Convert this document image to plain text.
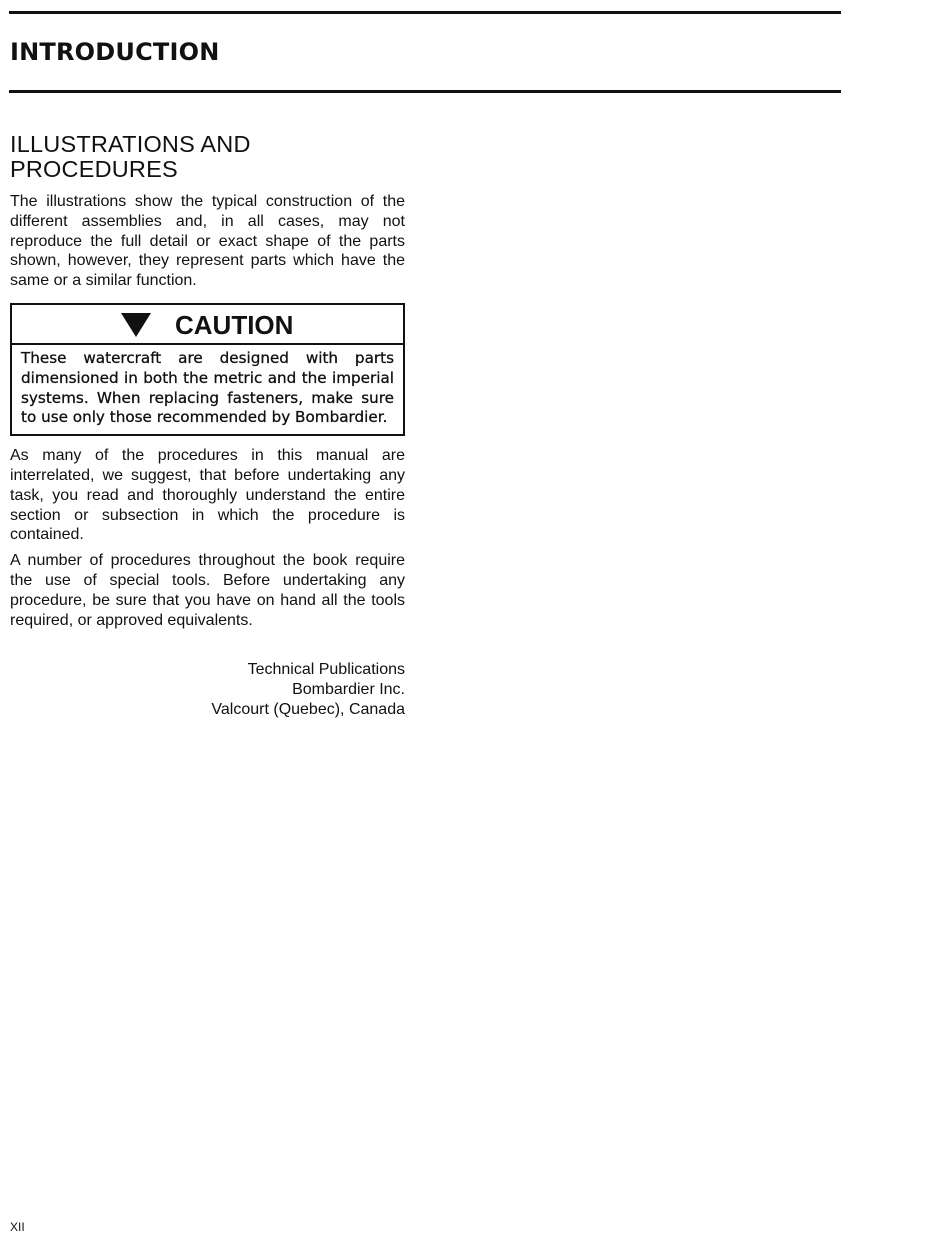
INTRODUCTION
ILLUSTRATIONS AND PROCEDURES

The illustrations show the typical construction of the different assemblies and, in all cases, may not reproduce the full detail or exact shape of the parts shown, however, they represent parts which have the same or a similar function.

CAUTION

These watercraft are designed with parts dimensioned in both the metric and the imperial systems. When replacing fasteners, make sure to use only those recommended by Bombardier.

As many of the procedures in this manual are interrelated, we suggest, that before undertaking any task, you read and thoroughly understand the entire section or subsection in which the procedure is contained.

A number of procedures throughout the book require the use of special tools. Before undertaking any procedure, be sure that you have on hand all the tools required, or approved equivalents.

Technical Publications
Bombardier Inc.
Valcourt (Quebec), Canada
XII
